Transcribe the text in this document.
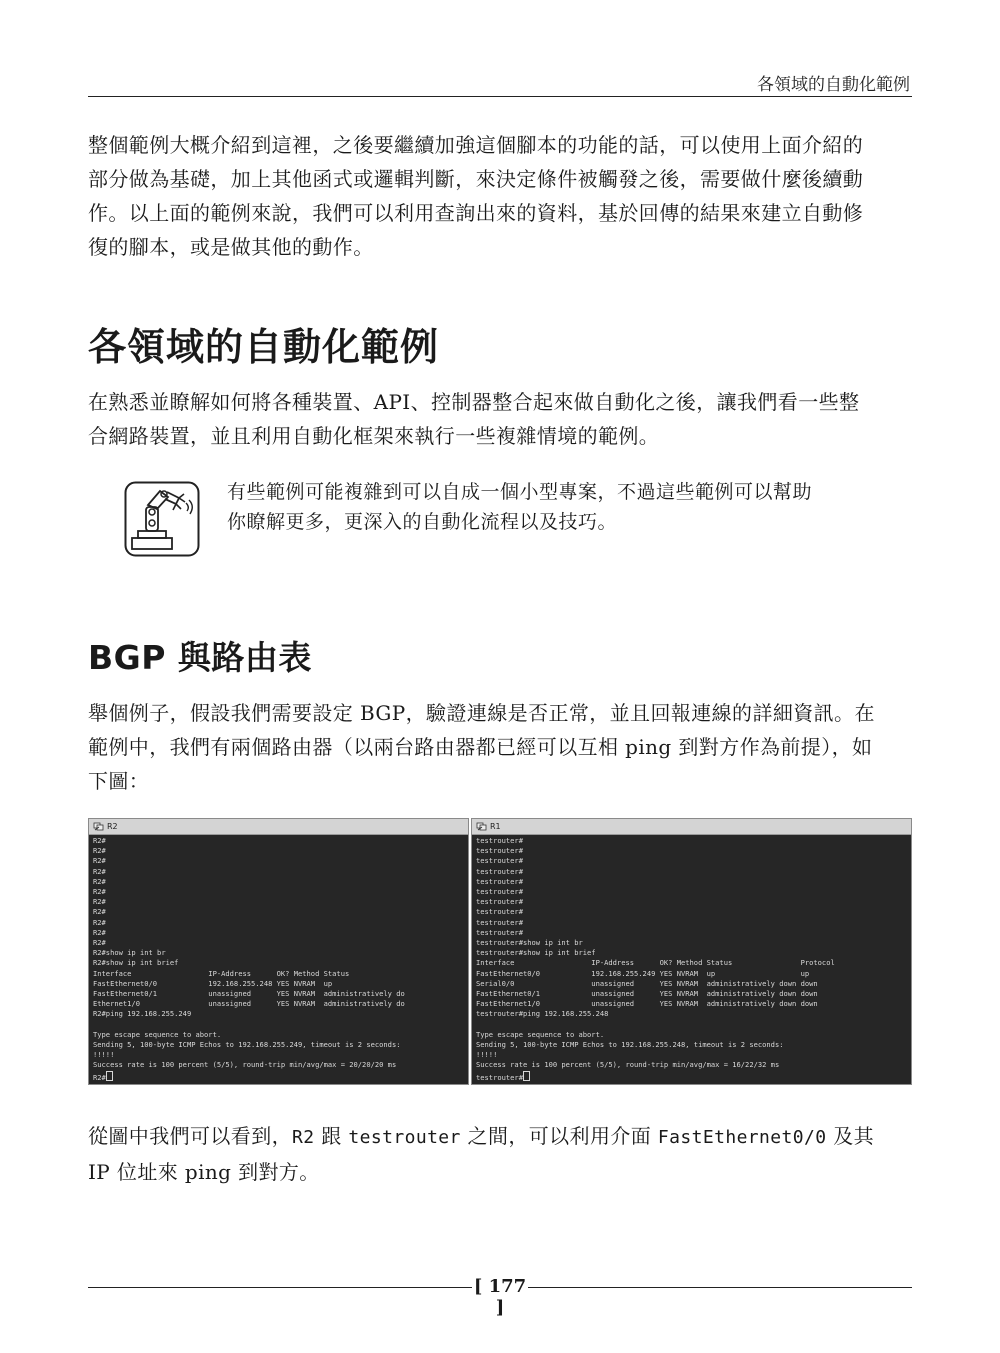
各領域的自動化範例
整個範例大概介紹到這裡，之後要繼續加強這個腳本的功能的話，可以使用上面介紹的
部分做為基礎，加上其他函式或邏輯判斷，來決定條件被觸發之後，需要做什麼後續動
作。以上面的範例來說，我們可以利用查詢出來的資料，基於回傳的結果來建立自動修
復的腳本，或是做其他的動作。
各領域的自動化範例
在熟悉並瞭解如何將各種裝置、API、控制器整合起來做自動化之後，讓我們看一些整
合網路裝置，並且利用自動化框架來執行一些複雜情境的範例。
有些範例可能複雜到可以自成一個小型專案，不過這些範例可以幫助
你瞭解更多，更深入的自動化流程以及技巧。
BGP 與路由表
舉個例子，假設我們需要設定 BGP，驗證連線是否正常，並且回報連線的詳細資訊。在
範例中，我們有兩個路由器（以兩台路由器都已經可以互相 ping 到對方作為前提），如
下圖：
R2
R2#
R2#
R2#
R2#
R2#
R2#
R2#
R2#
R2#
R2#
R2#
R2#show ip int br
R2#show ip int brief
Interface                  IP-Address      OK? Method Status
FastEthernet0/0            192.168.255.248 YES NVRAM  up
FastEthernet0/1            unassigned      YES NVRAM  administratively do
Ethernet1/0                unassigned      YES NVRAM  administratively do
R2#ping 192.168.255.249

Type escape sequence to abort.
Sending 5, 100-byte ICMP Echos to 192.168.255.249, timeout is 2 seconds:
!!!!!
Success rate is 100 percent (5/5), round-trip min/avg/max = 20/20/20 ms
R2#
R1
testrouter#
testrouter#
testrouter#
testrouter#
testrouter#
testrouter#
testrouter#
testrouter#
testrouter#
testrouter#
testrouter#show ip int br
testrouter#show ip int brief
Interface                  IP-Address      OK? Method Status                Protocol
FastEthernet0/0            192.168.255.249 YES NVRAM  up                    up
Serial0/0                  unassigned      YES NVRAM  administratively down down
FastEthernet0/1            unassigned      YES NVRAM  administratively down down
FastEthernet1/0            unassigned      YES NVRAM  administratively down down
testrouter#ping 192.168.255.248

Type escape sequence to abort.
Sending 5, 100-byte ICMP Echos to 192.168.255.248, timeout is 2 seconds:
!!!!!
Success rate is 100 percent (5/5), round-trip min/avg/max = 16/22/32 ms
testrouter#
從圖中我們可以看到，R2 跟 testrouter 之間，可以利用介面 FastEthernet0/0 及其
IP 位址來 ping 到對方。
[ 177 ]
